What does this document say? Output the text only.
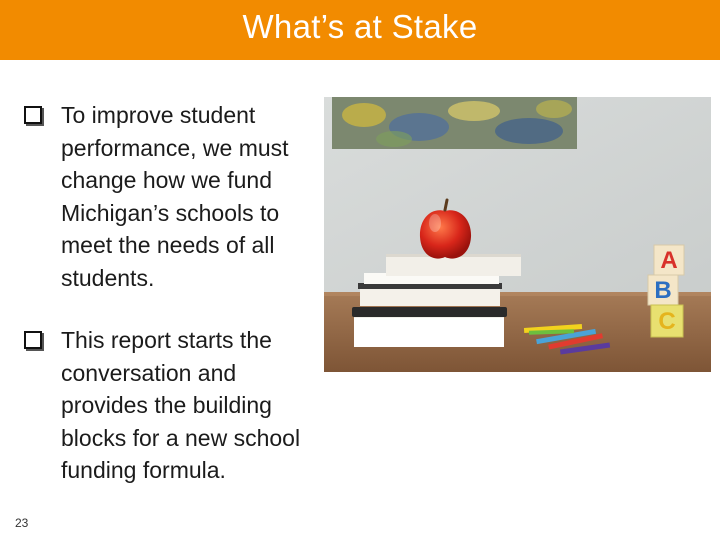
What’s at Stake
To improve student performance, we must change how we fund Michigan’s schools to meet the needs of all students.
This report starts the conversation and provides the building blocks for a new school funding formula.
A
B
C
23
